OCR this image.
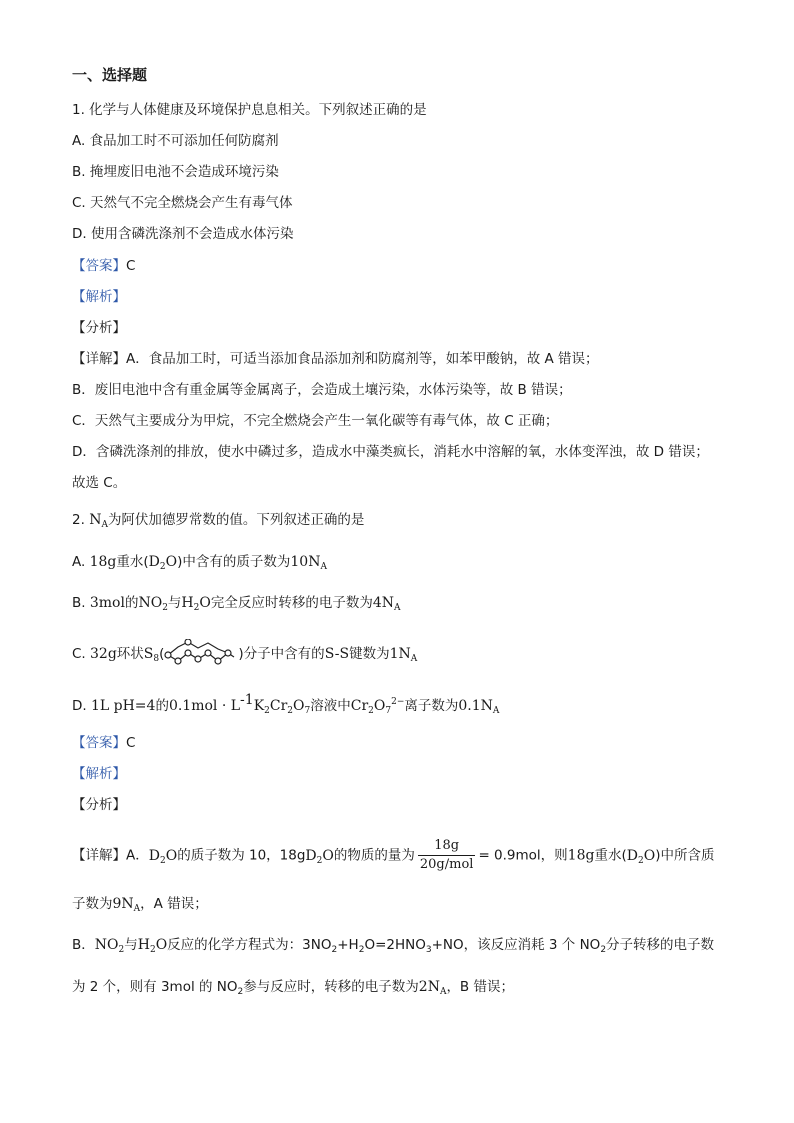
一、选择题
1. 化学与人体健康及环境保护息息相关。下列叙述正确的是
A. 食品加工时不可添加任何防腐剂
B. 掩埋废旧电池不会造成环境污染
C. 天然气不完全燃烧会产生有毒气体
D. 使用含磷洗涤剂不会造成水体污染
【答案】C
【解析】
【分析】
【详解】A．食品加工时，可适当添加食品添加剂和防腐剂等，如苯甲酸钠，故 A 错误；
B．废旧电池中含有重金属等金属离子，会造成土壤污染，水体污染等，故 B 错误；
C．天然气主要成分为甲烷，不完全燃烧会产生一氧化碳等有毒气体，故 C 正确；
D．含磷洗涤剂的排放，使水中磷过多，造成水中藻类疯长，消耗水中溶解的氧，水体变浑浊，故 D 错误；
故选 C。
2. $N_A$为阿伏加德罗常数的值。下列叙述正确的是
A. 18g重水$(D_2O)$中含有的质子数为$10N_A$
B. 3mol的$NO_2$与$H_2O$完全反应时转移的电子数为$4N_A$
C. 32g环状$S_8$(	)分子中含有的S-S键数为$1N_A$
D. 1L pH=4的$0.1mol \cdot L^{-1}K_2Cr_2O_7$溶液中$Cr_2O_7^{2-}$离子数为$0.1N_A$
【答案】C
【解析】
【分析】
【详解】A．$D_2O$的质子数为 10，$18gD_2O$的物质的量为 $\frac{18g}{\text{20g/mol}} = 0.9mol$，则18g重水$(D_2O)$中所含质
子数为$9N_A$，A 错误；
B．$NO_2$与$H_2O$反应的化学方程式为：$3NO_2+H_2O=2HNO_3+NO$，该反应消耗 3 个 $NO_2$分子转移的电子数
为 2 个，则有 3mol 的 $NO_2$参与反应时，转移的电子数为$2N_A$，B 错误；
